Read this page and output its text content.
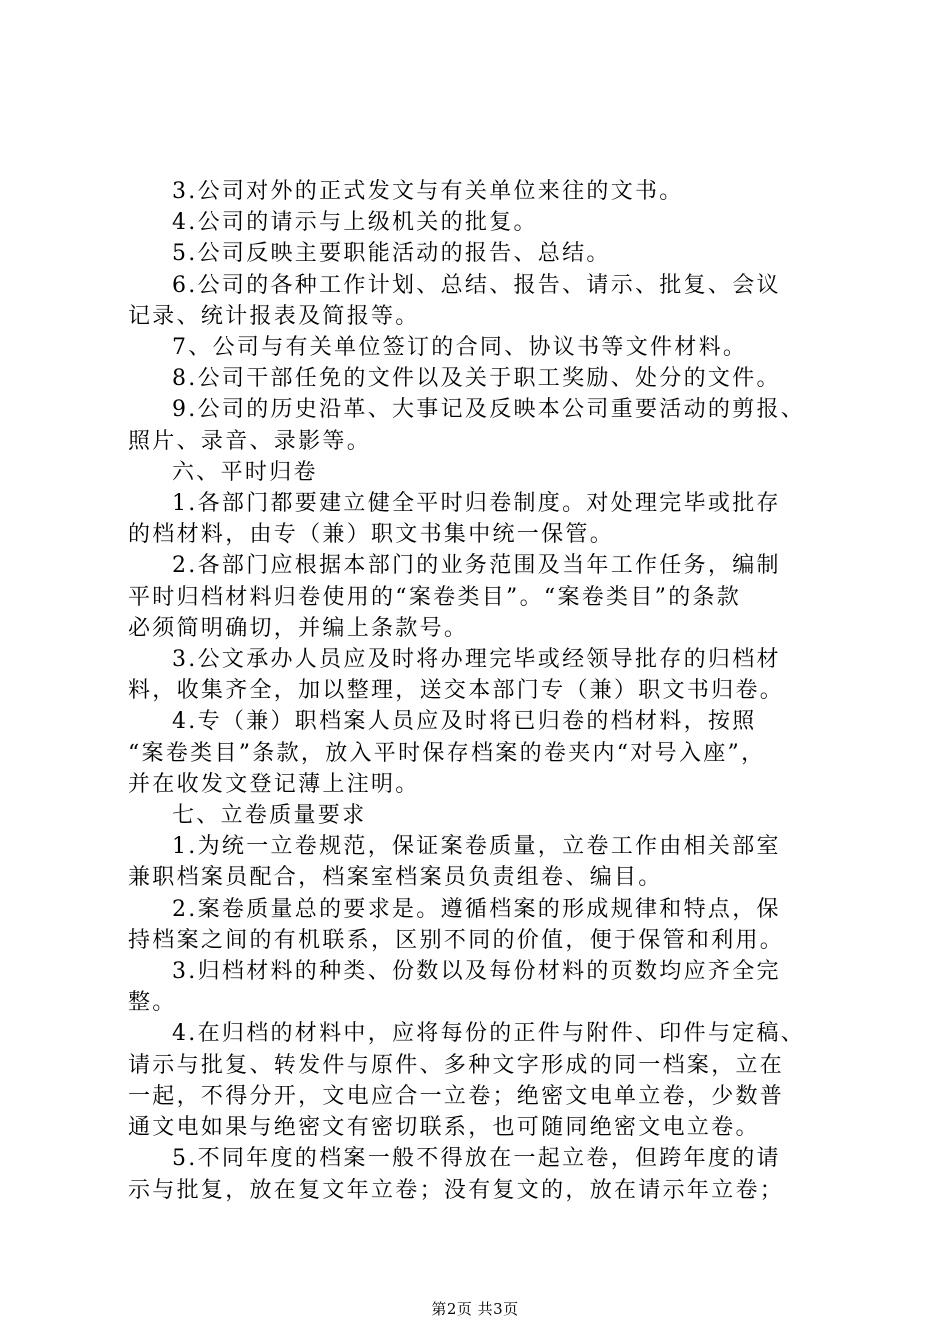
3.公司对外的正式发文与有关单位来往的文书。

4.公司的请示与上级机关的批复。

5.公司反映主要职能活动的报告、总结。

6.公司的各种工作计划、总结、报告、请示、批复、会议

记录、统计报表及简报等。

7、公司与有关单位签订的合同、协议书等文件材料。

8.公司干部任免的文件以及关于职工奖励、处分的文件。

9.公司的历史沿革、大事记及反映本公司重要活动的剪报、

照片、录音、录影等。

六、平时归卷

1.各部门都要建立健全平时归卷制度。对处理完毕或批存

的档材料，由专（兼）职文书集中统一保管。

2.各部门应根据本部门的业务范围及当年工作任务，编制

平时归档材料归卷使用的“案卷类目”。“案卷类目”的条款

必须简明确切，并编上条款号。

3.公文承办人员应及时将办理完毕或经领导批存的归档材

料，收集齐全，加以整理，送交本部门专（兼）职文书归卷。

4.专（兼）职档案人员应及时将已归卷的档材料，按照

“案卷类目”条款，放入平时保存档案的卷夹内“对号入座”，

并在收发文登记薄上注明。

七、立卷质量要求

1.为统一立卷规范，保证案卷质量，立卷工作由相关部室

兼职档案员配合，档案室档案员负责组卷、编目。

2.案卷质量总的要求是。遵循档案的形成规律和特点，保

持档案之间的有机联系，区别不同的价值，便于保管和利用。

3.归档材料的种类、份数以及每份材料的页数均应齐全完

整。

4.在归档的材料中，应将每份的正件与附件、印件与定稿、

请示与批复、转发件与原件、多种文字形成的同一档案，立在

一起，不得分开，文电应合一立卷；绝密文电单立卷，少数普

通文电如果与绝密文有密切联系，也可随同绝密文电立卷。

5.不同年度的档案一般不得放在一起立卷，但跨年度的请

示与批复，放在复文年立卷；没有复文的，放在请示年立卷；

第2页 共3页
